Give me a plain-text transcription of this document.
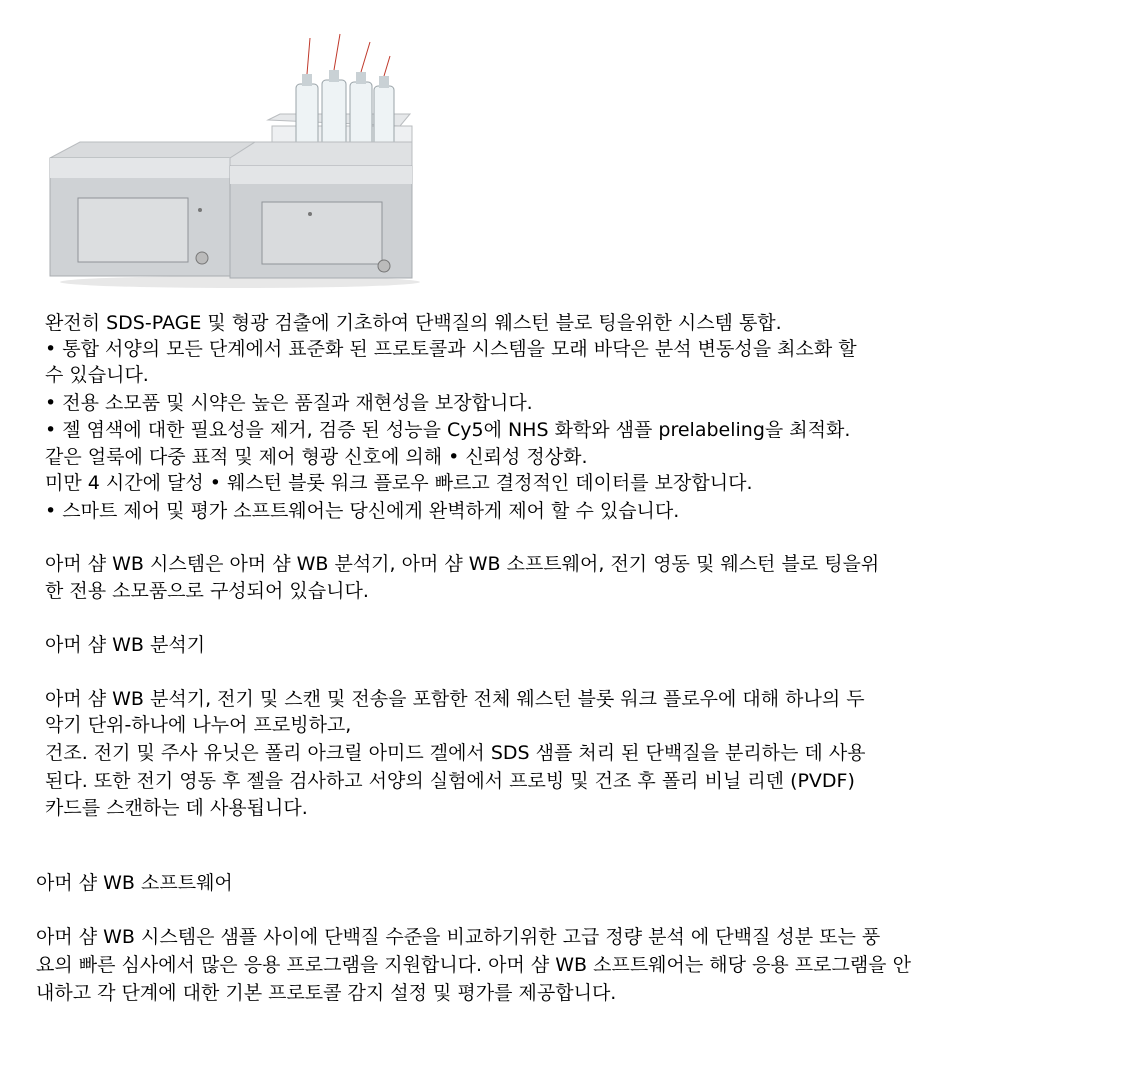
완전히 SDS-PAGE 및 형광 검출에 기초하여 단백질의 웨스턴 블로 팅을위한 시스템 통합.
• 통합 서양의 모든 단계에서 표준화 된 프로토콜과 시스템을 모래 바닥은 분석 변동성을 최소화 할
수 있습니다.
• 전용 소모품 및 시약은 높은 품질과 재현성을 보장합니다.
• 젤 염색에 대한 필요성을 제거, 검증 된 성능을 Cy5에 NHS 화학와 샘플 prelabeling을 최적화.
같은 얼룩에 다중 표적 및 제어 형광 신호에 의해 • 신뢰성 정상화.
미만 4 시간에 달성 • 웨스턴 블롯 워크 플로우 빠르고 결정적인 데이터를 보장합니다.
• 스마트 제어 및 평가 소프트웨어는 당신에게 완벽하게 제어 할 수 있습니다.
아머 샴 WB 시스템은 아머 샴 WB 분석기, 아머 샴 WB 소프트웨어, 전기 영동 및 웨스턴 블로 팅을위
한 전용 소모품으로 구성되어 있습니다.
아머 샴 WB 분석기
아머 샴 WB 분석기, 전기 및 스캔 및 전송을 포함한 전체 웨스턴 블롯 워크 플로우에 대해 하나의 두
악기 단위-하나에 나누어 프로빙하고,
건조. 전기 및 주사 유닛은 폴리 아크릴 아미드 겔에서 SDS 샘플 처리 된 단백질을 분리하는 데 사용
된다. 또한 전기 영동 후 젤을 검사하고 서양의 실험에서 프로빙 및 건조 후 폴리 비닐 리덴 (PVDF)
카드를 스캔하는 데 사용됩니다.
아머 샴 WB 소프트웨어
아머 샴 WB 시스템은 샘플 사이에 단백질 수준을 비교하기위한 고급 정량 분석 에 단백질 성분 또는 풍
요의 빠른 심사에서 많은 응용 프로그램을 지원합니다. 아머 샴 WB 소프트웨어는 해당 응용 프로그램을 안
내하고 각 단계에 대한 기본 프로토콜 감지 설정 및 평가를 제공합니다.
